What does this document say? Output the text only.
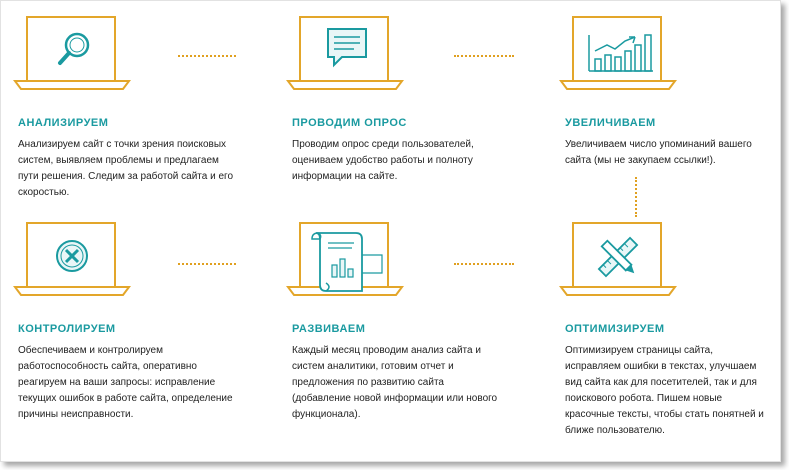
АНАЛИЗИРУЕМ
Анализируем сайт с точки зрения поисковых систем, выявляем проблемы и предлагаем пути решения. Следим за работой сайта и его скоростью.
ПРОВОДИМ ОПРОС
Проводим опрос среди пользователей, оцениваем удобство работы и полноту информации на сайте.
УВЕЛИЧИВАЕМ
Увеличиваем число упоминаний вашего сайта (мы не закупаем ссылки!).
КОНТРОЛИРУЕМ
Обеспечиваем и контролируем работоспособность сайта, оперативно реагируем на ваши запросы: исправление текущих ошибок в работе сайта, определение причины неисправности.
РАЗВИВАЕМ
Каждый месяц проводим анализ сайта и систем аналитики, готовим отчет и предложения по развитию сайта (добавление новой информации или нового функционала).
ОПТИМИЗИРУЕМ
Оптимизируем страницы сайта, исправляем ошибки в текстах, улучшаем вид сайта как для посетителей, так и для поискового робота. Пишем новые красочные тексты, чтобы стать понятней и ближе пользователю.
